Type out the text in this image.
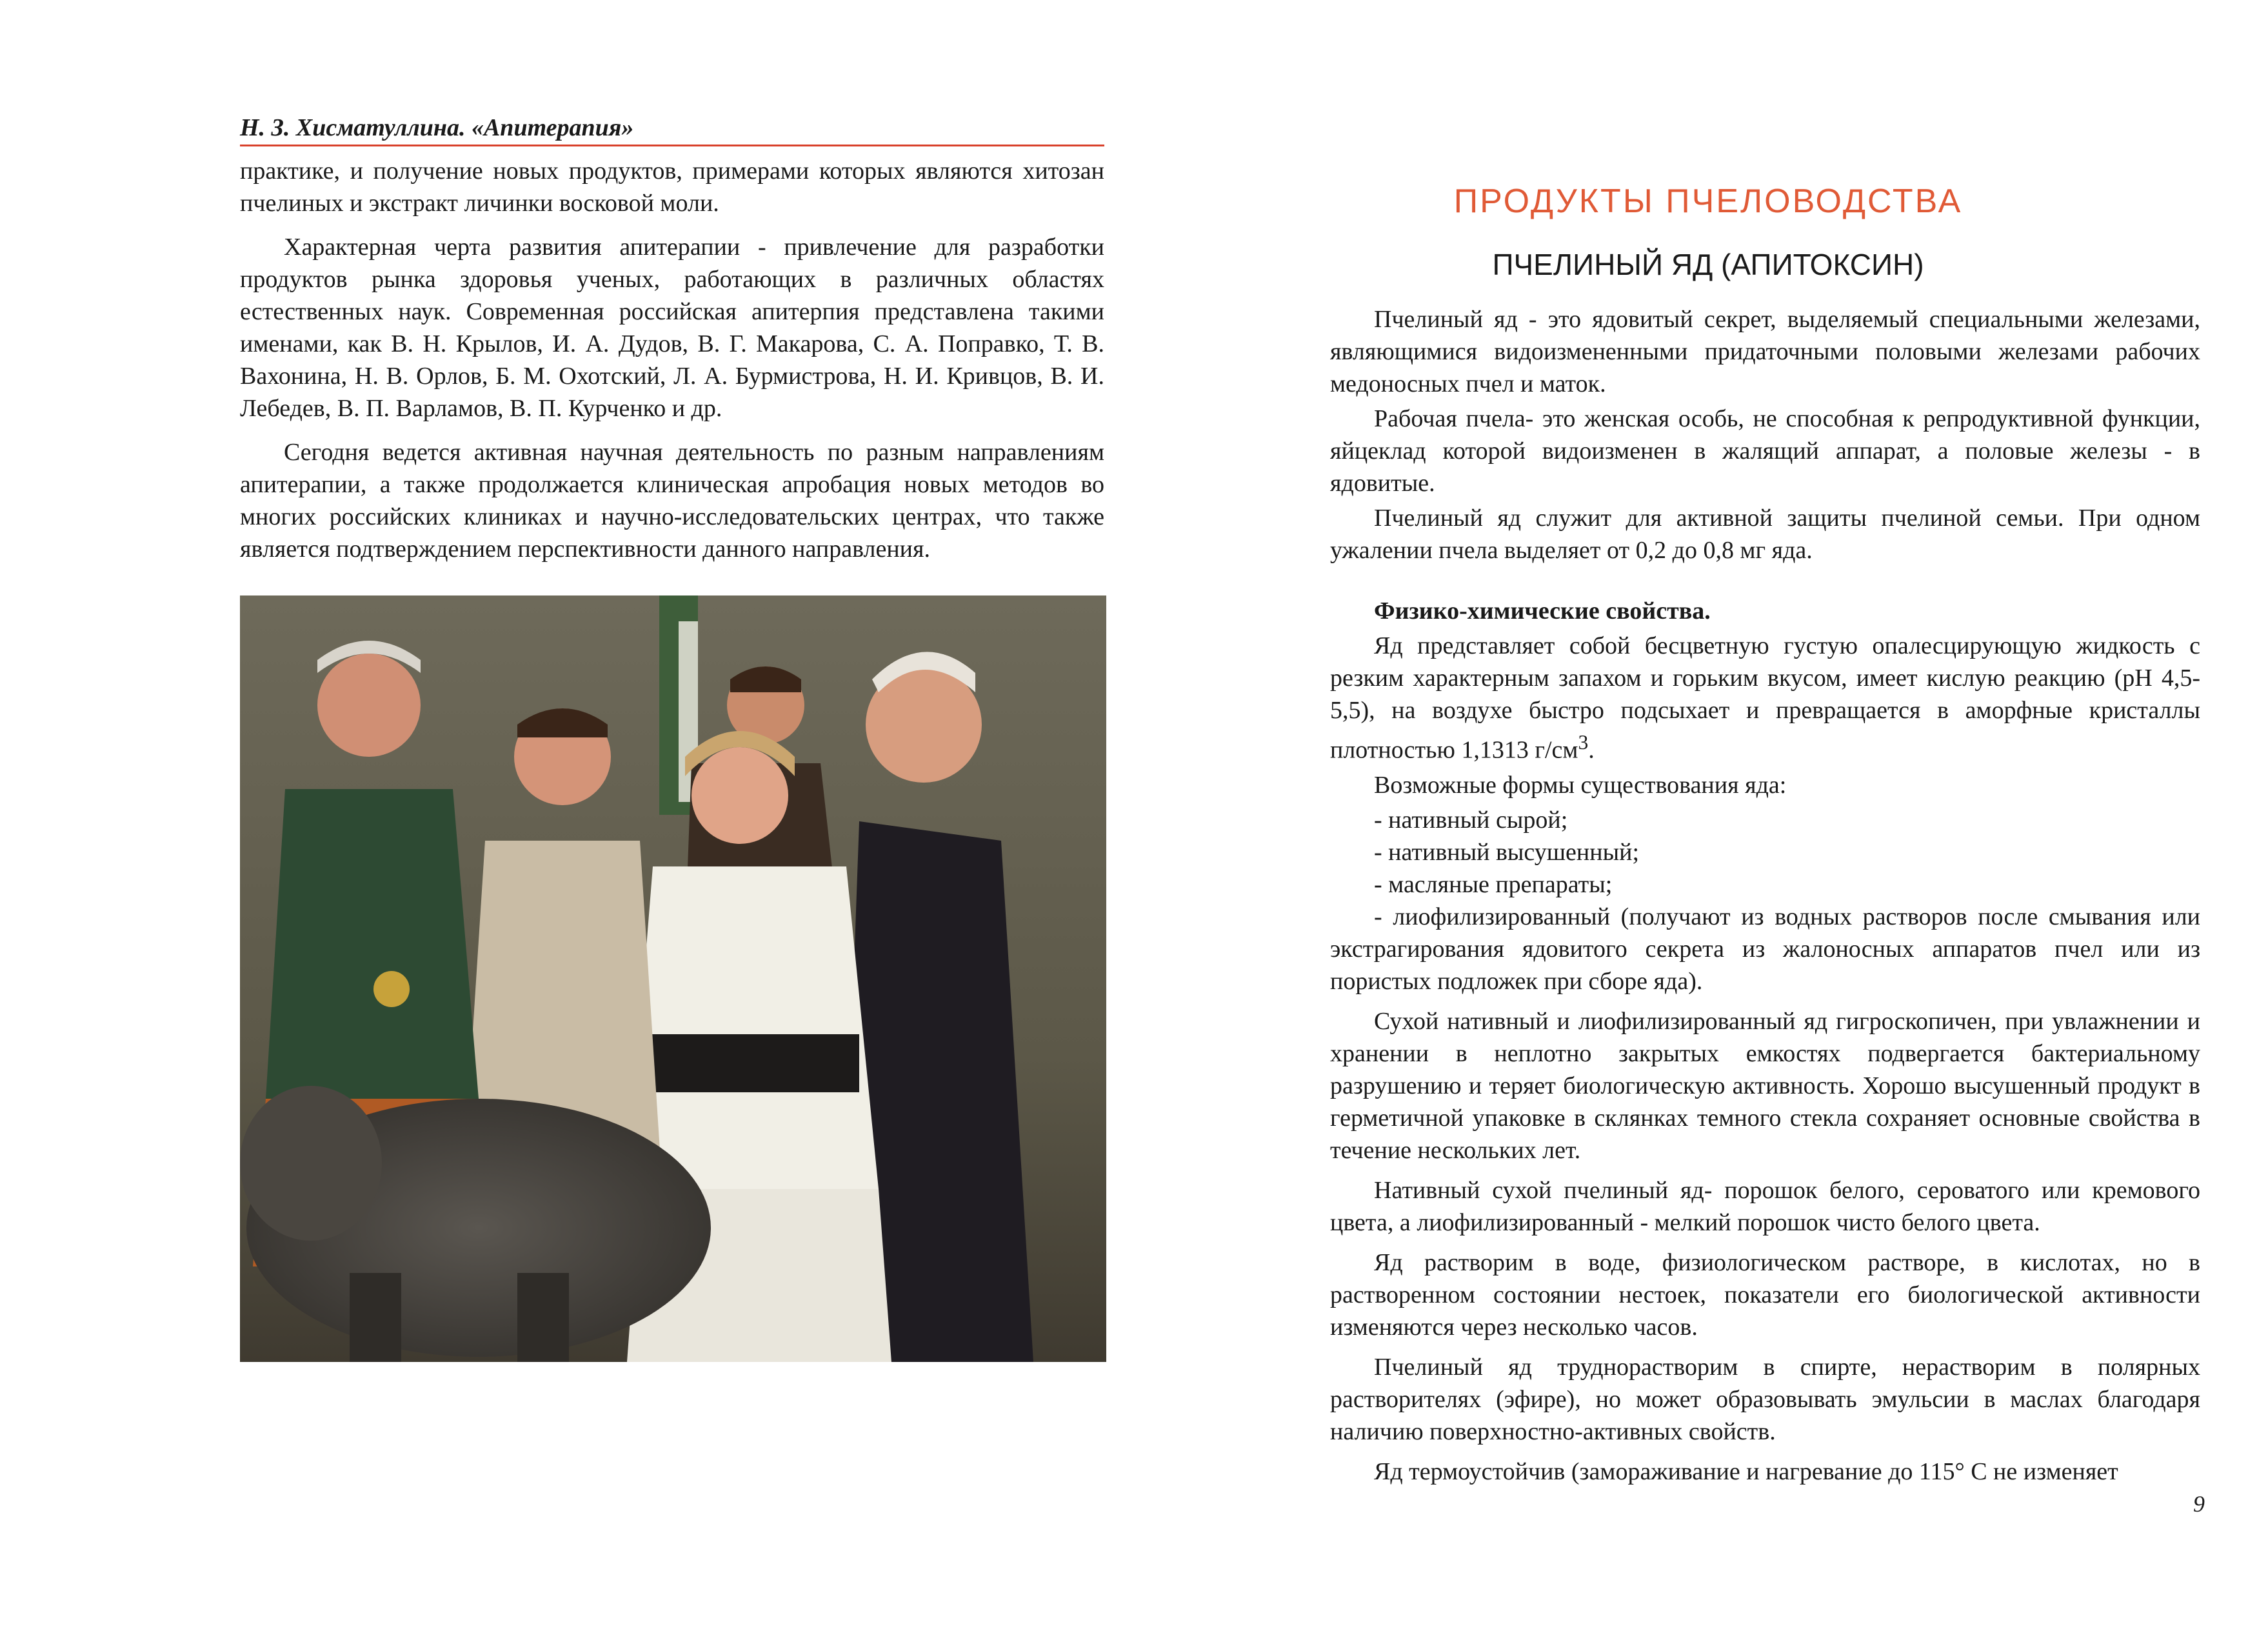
Н. З. Хисматуллина. «Апитерапия»

практике, и получение новых продуктов, примерами которых являются хитозан пчелиных и экстракт личинки восковой моли.

Характерная черта развития апитерапии - привлечение для разработки продуктов рынка здоровья ученых, работающих в различных областях естественных наук. Современная российская апитерпия представлена такими именами, как В. Н. Крылов, И. А. Дудов, В. Г. Макарова, С. А. Поправко, Т. В. Вахонина, Н. В. Орлов, Б. М. Охотский, Л. А. Бурмистрова, Н. И. Кривцов, В. И. Лебедев, В. П. Варламов, В. П. Курченко и др.

Сегодня ведется активная научная деятельность по разным направлениям апитерапии, а также продолжается клиническая апробация новых методов во многих российских клиниках и научно-исследовательских центрах, что также является подтверждением перспективности данного направления.

ПРОДУКТЫ ПЧЕЛОВОДСТВА
ПЧЕЛИНЫЙ ЯД (АПИТОКСИН)

Пчелиный яд - это ядовитый секрет, выделяемый специальными железами, являющимися видоизмененными придаточными половыми железами рабочих медоносных пчел и маток.

Рабочая пчела- это женская особь, не способная к репродуктивной функции, яйцеклад которой видоизменен в жалящий аппарат, а половые железы - в ядовитые.

Пчелиный яд служит для активной защиты пчелиной семьи. При одном ужалении пчела выделяет от 0,2 до 0,8 мг яда.

Физико-химические свойства.

Яд представляет собой бесцветную густую опалесцирующую жидкость с резким характерным запахом и горьким вкусом, имеет кислую реакцию (рН 4,5-5,5), на воздухе быстро подсыхает и превращается в аморфные кристаллы плотностью 1,1313 $г/см^3$.

Возможные формы существования яда:

- нативный сырой;

- нативный высушенный;

- масляные препараты;

- лиофилизированный (получают из водных растворов после смывания или экстрагирования ядовитого секрета из жалоносных аппаратов пчел или из пористых подложек при сборе яда).

Сухой нативный и лиофилизированный яд гигроскопичен, при увлажнении и хранении в неплотно закрытых емкостях подвергается бактериальному разрушению и теряет биологическую активность. Хорошо высушенный продукт в герметичной упаковке в склянках темного стекла сохраняет основные свойства в течение нескольких лет.

Нативный сухой пчелиный яд- порошок белого, сероватого или кремового цвета, а лиофилизированный - мелкий порошок чисто белого цвета.

Яд растворим в воде, физиологическом растворе, в кислотах, но в растворенном состоянии нестоек, показатели его биологической активности изменяются через несколько часов.

Пчелиный яд труднорастворим в спирте, нерастворим в полярных растворителях (эфире), но может образовывать эмульсии в маслах благодаря наличию поверхностно-активных свойств.

Яд термоустойчив (замораживание и нагревание до 115° С не изменяет

9
